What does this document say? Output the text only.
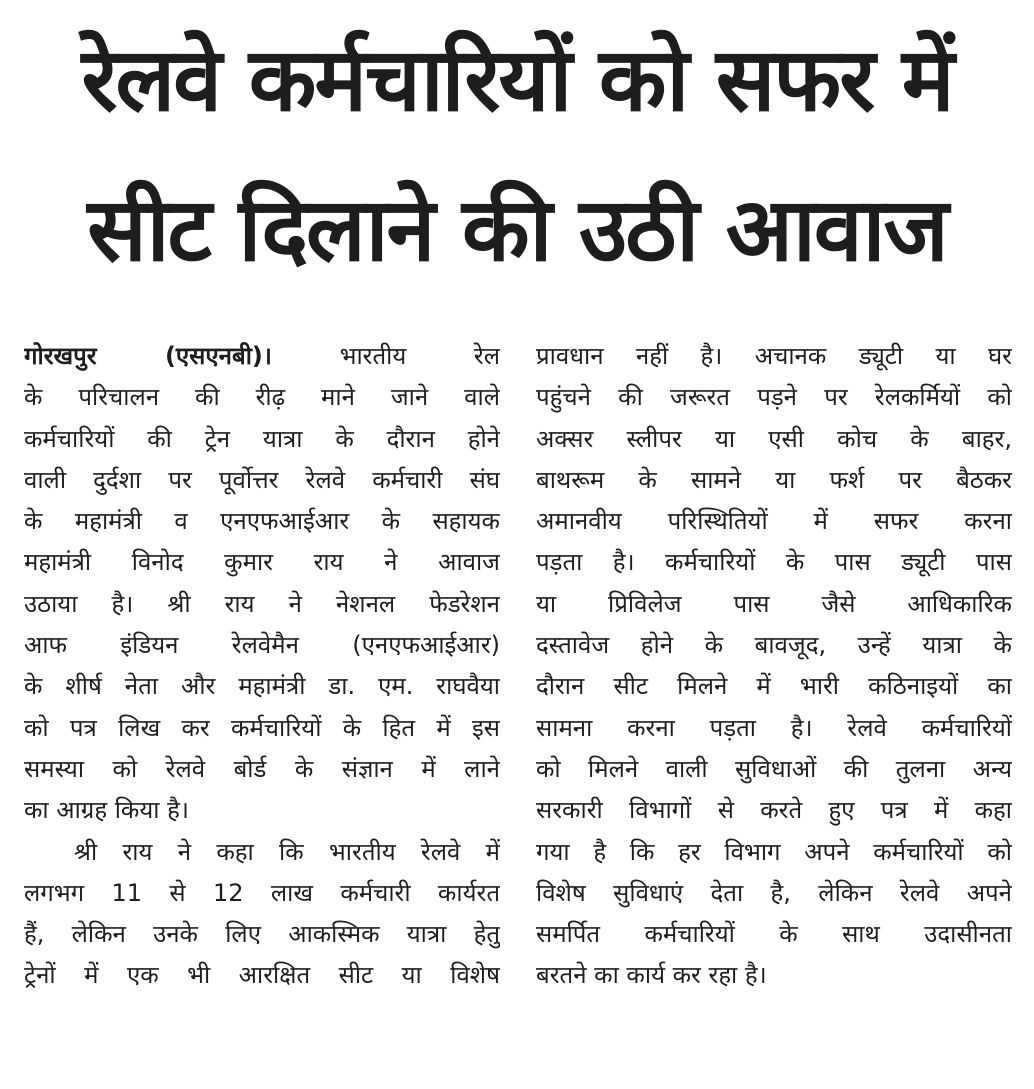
रेलवे कर्मचारियों को सफर में
सीट दिलाने की उठी आवाज
गोरखपुर (एसएनबी)।	भारतीय रेल
के परिचालन की रीढ़ माने जाने वाले
कर्मचारियों की ट्रेन यात्रा के दौरान होने
वाली दुर्दशा पर पूर्वोत्तर रेलवे कर्मचारी संघ
के महामंत्री व एनएफआईआर के सहायक
महामंत्री विनोद कुमार राय ने आवाज
उठाया है। श्री राय ने नेशनल फेडरेशन
आफ इंडियन रेलवेमैन (एनएफआईआर)
के शीर्ष नेता और महामंत्री डा. एम. राघवैया
को पत्र लिख कर कर्मचारियों के हित में इस
समस्या को रेलवे बोर्ड के संज्ञान में लाने
का आग्रह किया है।
श्री राय ने कहा कि भारतीय रेलवे में
लगभग 11 से 12 लाख कर्मचारी कार्यरत
हैं, लेकिन उनके लिए आकस्मिक यात्रा हेतु
ट्रेनों में एक भी आरक्षित सीट या विशेष
प्रावधान नहीं है। अचानक ड्यूटी या घर
पहुंचने की जरूरत पड़ने पर रेलकर्मियों को
अक्सर स्लीपर या एसी कोच के बाहर,
बाथरूम के सामने या फर्श पर बैठकर
अमानवीय परिस्थितियों में सफर करना
पड़ता है। कर्मचारियों के पास ड्यूटी पास
या प्रिविलेज पास जैसे आधिकारिक
दस्तावेज होने के बावजूद, उन्हें यात्रा के
दौरान सीट मिलने में भारी कठिनाइयों का
सामना करना पड़ता है। रेलवे कर्मचारियों
को मिलने वाली सुविधाओं की तुलना अन्य
सरकारी विभागों से करते हुए पत्र में कहा
गया है कि हर विभाग अपने कर्मचारियों को
विशेष सुविधाएं देता है, लेकिन रेलवे अपने
समर्पित कर्मचारियों के साथ उदासीनता
बरतने का कार्य कर रहा है।
